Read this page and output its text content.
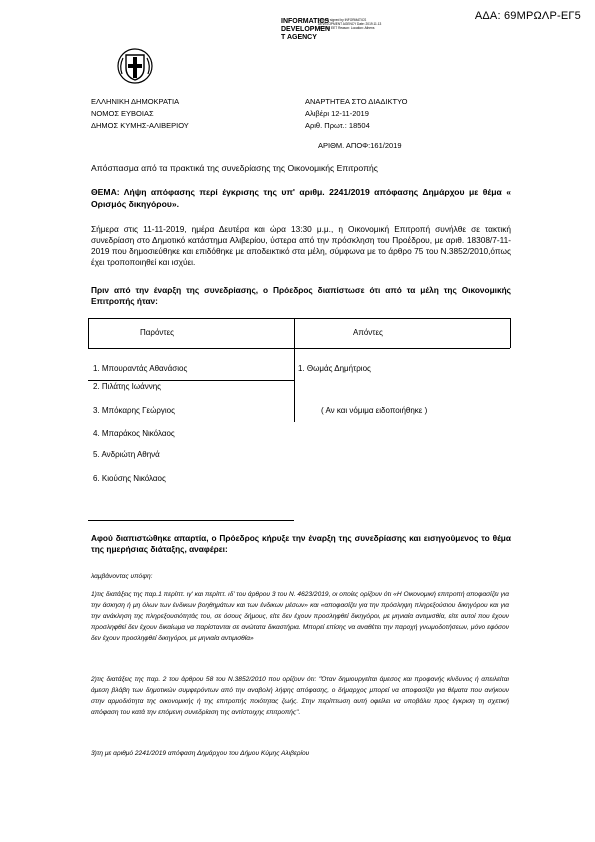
ΑΔΑ: 69ΜΡΩΛΡ-ΕΓ5
INFORMATICS
DEVELOPMEN
T AGENCY
Digitally signed by INFORMATICS DEVELOPMENT AGENCY Date: 2019.11.13 11:21:36 EET Reason: Location: Athens
ΕΛΛΗΝΙΚΗ ΔΗΜΟΚΡΑΤΙΑ
ΝΟΜΟΣ ΕΥΒΟΙΑΣ
ΔΗΜΟΣ ΚΥΜΗΣ-ΑΛΙΒΕΡΙΟΥ
ΑΝΑΡΤΗΤΕΑ ΣΤΟ ΔΙΑΔΙΚΤΥΟ
Αλιβέρι 12-11-2019
Αριθ. Πρωτ.: 18504
ΑΡΙΘΜ. ΑΠΟΦ:161/2019
Απόσπασμα από τα πρακτικά της συνεδρίασης της Οικονομικής Επιτροπής
ΘΕΜΑ: Λήψη απόφασης περί έγκρισης της υπ' αριθμ. 2241/2019 απόφασης Δημάρχου με θέμα « Ορισμός δικηγόρου».
Σήμερα στις 11-11-2019, ημέρα Δευτέρα και ώρα 13:30 μ.μ., η Οικονομική Επιτροπή συνήλθε σε τακτική συνεδρίαση στο Δημοτικό κατάστημα Αλιβερίου, ύστερα από την πρόσκληση του Προέδρου, με αριθ. 18308/7-11-2019 που δημοσιεύθηκε και επιδόθηκε με αποδεικτικό στα μέλη, σύμφωνα με το άρθρο 75 του Ν.3852/2010,όπως έχει τροποποιηθεί και ισχύει.
Πριν από την έναρξη της συνεδρίασης, ο Πρόεδρος διαπίστωσε ότι από τα μέλη της Οικονομικής Επιτροπής ήταν:
Παρόντες	Απόντες
1. Μπουραντάς Αθανάσιος
2. Πιλάτης Ιωάννης
3. Μπόκαρης Γεώργιος
4. Μπαράκος Νικόλαος
5. Ανδριώτη Αθηνά
6. Κιούσης Νικόλαος
1. Θωμάς Δημήτριος
( Αν και νόμιμα ειδοποιήθηκε )
Αφού διαπιστώθηκε απαρτία, ο Πρόεδρος κήρυξε την έναρξη της συνεδρίασης και εισηγούμενος το θέμα της ημερήσιας διάταξης, αναφέρει:
λαμβάνοντας υπόψη:
1)τις διατάξεις της παρ.1 περίπτ. ιγ' και περίπτ. ιδ' του άρθρου 3 του Ν. 4623/2019, οι οποίες ορίζουν ότι «Η Οικονομική επιτροπή αποφασίζει για την άσκηση ή μη όλων των ένδικων βοηθημάτων και των ένδικων μέσων» και «αποφασίζει για την πρόσληψη πληρεξούσιου δικηγόρου και για την ανάκληση της πληρεξουσιότητάς του, σε όσους δήμους, είτε δεν έχουν προσληφθεί δικηγόροι, με μηνιαία αντιμισθία, είτε αυτοί που έχουν προσληφθεί δεν έχουν δικαίωμα να παρίστανται σε ανώτατα δικαστήρια. Μπορεί επίσης να αναθέτει την παροχή γνωμοδοτήσεων, μόνο εφόσον δεν έχουν προσληφθεί δικηγόροι, με μηνιαία αντιμισθία»
2)τις διατάξεις της παρ. 2 του άρθρου 58 του Ν.3852/2010 που ορίζουν ότι: "Όταν δημιουργείται άμεσος και προφανής κίνδυνος ή απειλείται άμεση βλάβη των δημοτικών συμφερόντων από την αναβολή λήψης απόφασης, ο δήμαρχος μπορεί να αποφασίζει για θέματα που ανήκουν στην αρμοδιότητα της οικονομικής ή της επιτροπής ποιότητας ζωής. Στην περίπτωση αυτή οφείλει να υποβάλει προς έγκριση τη σχετική απόφαση του κατά την επόμενη συνεδρίαση της αντίστοιχης επιτροπής".
3)τη με αριθμό 2241/2019 απόφαση Δημάρχου του Δήμου Κύμης Αλιβερίου
